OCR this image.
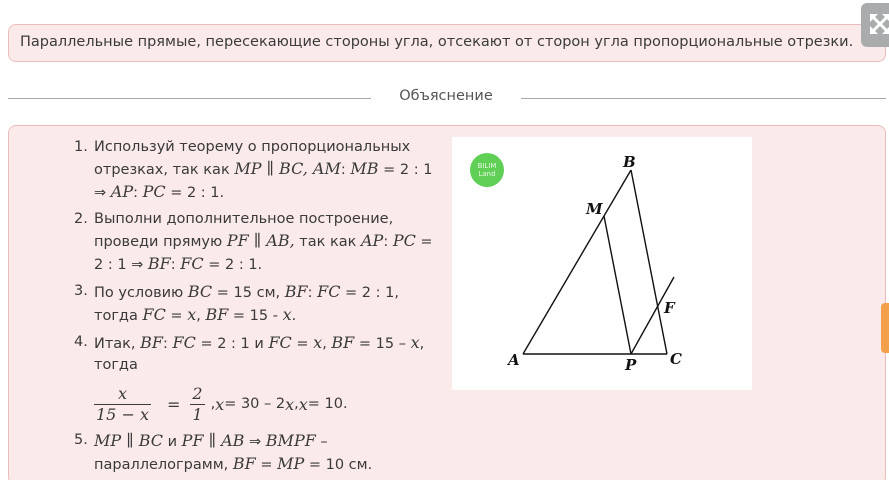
Параллельные прямые, пересекающие стороны угла, отсекают от сторон угла пропорциональные отрезки.
Объяснение
1. Используй теорему о пропорциональных отрезках, так как MP ∥ BC, AM: MB = 2 : 1 ⇒ AP: PC = 2 : 1.
2. Выполни дополнительное построение, проведи прямую PF ∥ AB, так как AP: PC = 2 : 1 ⇒ BF: FC = 2 : 1.
3. По условию BC = 15 см, BF: FC = 2 : 1, тогда FC = x, BF = 15 - x.
4. Итак, BF: FC = 2 : 1 и FC = x, BF = 15 – x, тогда
$\frac{x}{15 - x} = \frac{2}{1}$ , x = 30 – 2 x , x = 10.
5. MP ∥ BC и PF ∥ AB ⇒ BMPF – параллелограмм, BF = MP = 10 см.
BILIM
Land
A
B
C
M
P
F
